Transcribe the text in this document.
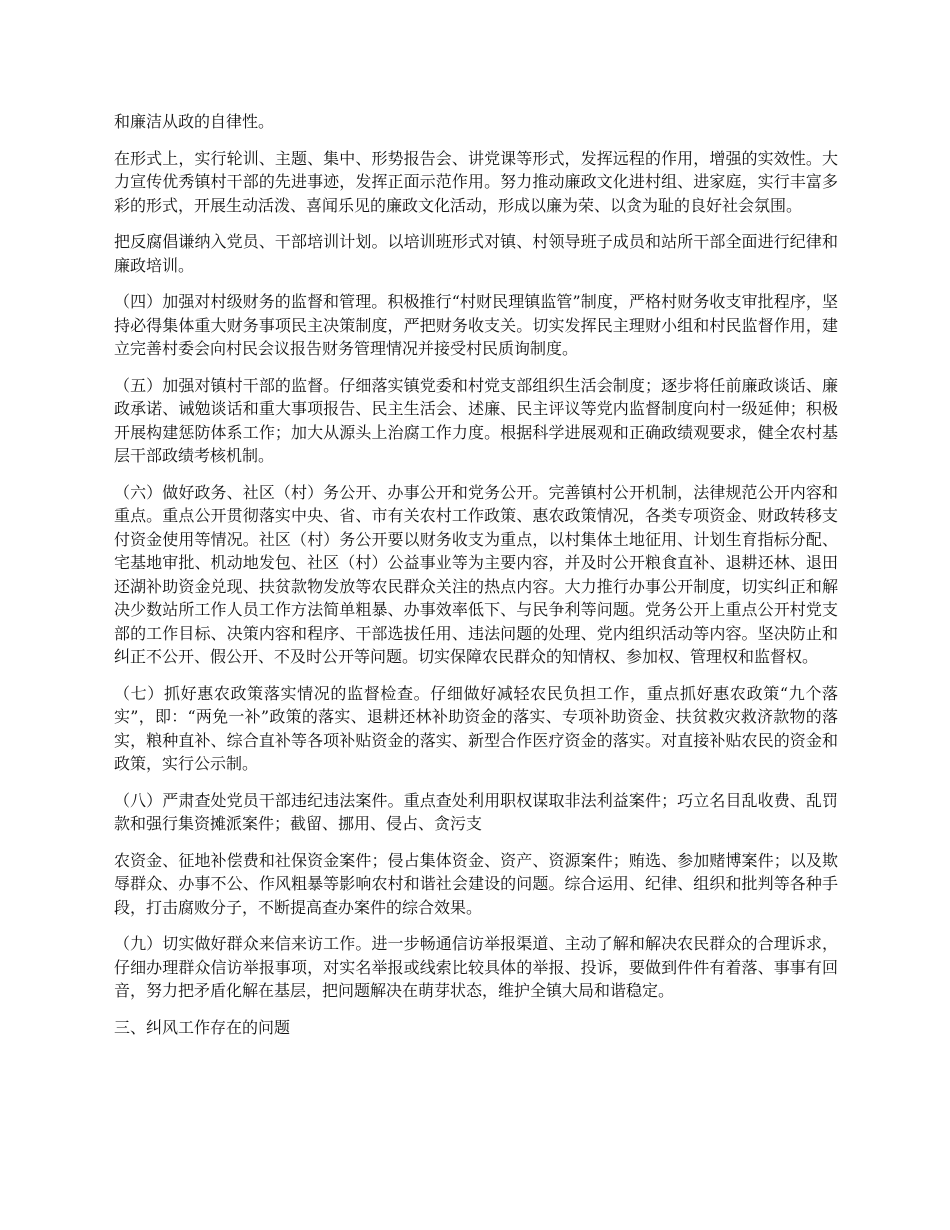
和廉洁从政的自律性。

在形式上，实行轮训、主题、集中、形势报告会、讲党课等形式，发挥远程的作用，增强的实效性。大力宣传优秀镇村干部的先进事迹，发挥正面示范作用。努力推动廉政文化进村组、进家庭，实行丰富多彩的形式，开展生动活泼、喜闻乐见的廉政文化活动，形成以廉为荣、以贪为耻的良好社会氛围。

把反腐倡谦纳入党员、干部培训计划。以培训班形式对镇、村领导班子成员和站所干部全面进行纪律和廉政培训。

（四）加强对村级财务的监督和管理。积极推行“村财民理镇监管”制度，严格村财务收支审批程序，坚持必得集体重大财务事项民主决策制度，严把财务收支关。切实发挥民主理财小组和村民监督作用，建立完善村委会向村民会议报告财务管理情况并接受村民质询制度。

（五）加强对镇村干部的监督。仔细落实镇党委和村党支部组织生活会制度；逐步将任前廉政谈话、廉政承诺、诫勉谈话和重大事项报告、民主生活会、述廉、民主评议等党内监督制度向村一级延伸；积极开展构建惩防体系工作；加大从源头上治腐工作力度。根据科学进展观和正确政绩观要求，健全农村基层干部政绩考核机制。

（六）做好政务、社区（村）务公开、办事公开和党务公开。完善镇村公开机制，法律规范公开内容和重点。重点公开贯彻落实中央、省、市有关农村工作政策、惠农政策情况，各类专项资金、财政转移支付资金使用等情况。社区（村）务公开要以财务收支为重点，以村集体土地征用、计划生育指标分配、宅基地审批、机动地发包、社区（村）公益事业等为主要内容，并及时公开粮食直补、退耕还林、退田还湖补助资金兑现、扶贫款物发放等农民群众关注的热点内容。大力推行办事公开制度，切实纠正和解决少数站所工作人员工作方法简单粗暴、办事效率低下、与民争利等问题。党务公开上重点公开村党支部的工作目标、决策内容和程序、干部选拔任用、违法问题的处理、党内组织活动等内容。坚决防止和纠正不公开、假公开、不及时公开等问题。切实保障农民群众的知情权、参加权、管理权和监督权。

（七）抓好惠农政策落实情况的监督检查。仔细做好减轻农民负担工作，重点抓好惠农政策“九个落实”，即：“两免一补”政策的落实、退耕还林补助资金的落实、专项补助资金、扶贫救灾救济款物的落实，粮种直补、综合直补等各项补贴资金的落实、新型合作医疗资金的落实。对直接补贴农民的资金和政策，实行公示制。

（八）严肃查处党员干部违纪违法案件。重点查处利用职权谋取非法利益案件；巧立名目乱收费、乱罚款和强行集资摊派案件；截留、挪用、侵占、贪污支

农资金、征地补偿费和社保资金案件；侵占集体资金、资产、资源案件；贿选、参加赌博案件；以及欺辱群众、办事不公、作风粗暴等影响农村和谐社会建设的问题。综合运用、纪律、组织和批判等各种手段，打击腐败分子，不断提高查办案件的综合效果。

（九）切实做好群众来信来访工作。进一步畅通信访举报渠道、主动了解和解决农民群众的合理诉求，仔细办理群众信访举报事项，对实名举报或线索比较具体的举报、投诉，要做到件件有着落、事事有回音，努力把矛盾化解在基层，把问题解决在萌芽状态，维护全镇大局和谐稳定。

三、纠风工作存在的问题
